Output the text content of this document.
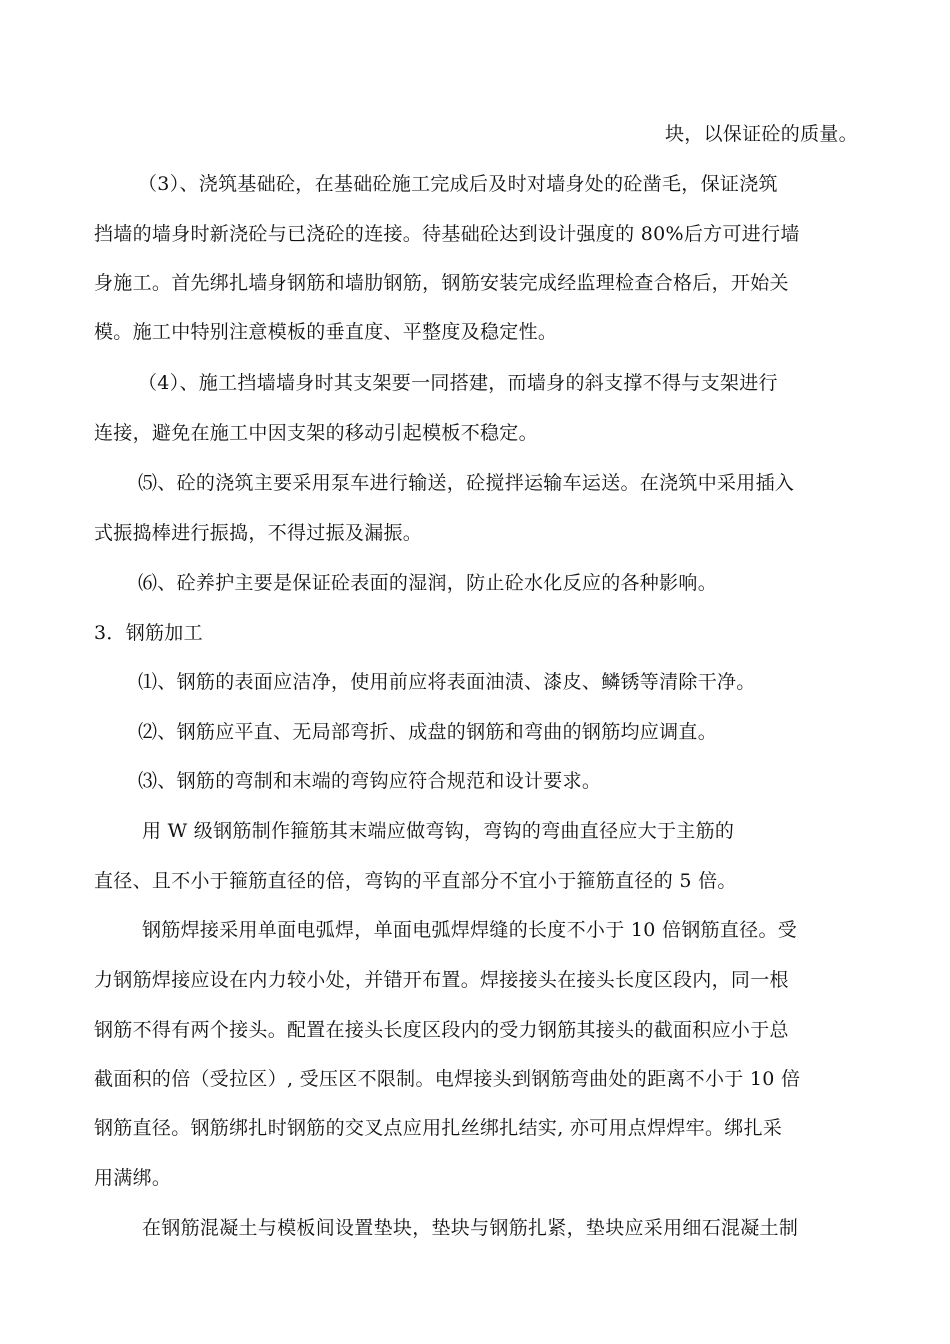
块，以保证砼的质量。
（3）、浇筑基础砼，在基础砼施工完成后及时对墙身处的砼凿毛，保证浇筑
挡墙的墙身时新浇砼与已浇砼的连接。待基础砼达到设计强度的 80%后方可进行墙
身施工。首先绑扎墙身钢筋和墙肋钢筋，钢筋安装完成经监理检查合格后，开始关
模。施工中特别注意模板的垂直度、平整度及稳定性。
（4）、施工挡墙墙身时其支架要一同搭建，而墙身的斜支撑不得与支架进行
连接，避免在施工中因支架的移动引起模板不稳定。
⑸、砼的浇筑主要采用泵车进行输送，砼搅拌运输车运送。在浇筑中采用插入
式振捣棒进行振捣，不得过振及漏振。
⑹、砼养护主要是保证砼表面的湿润，防止砼水化反应的各种影响。
3．钢筋加工
⑴、钢筋的表面应洁净，使用前应将表面油渍、漆皮、鳞锈等清除干净。
⑵、钢筋应平直、无局部弯折、成盘的钢筋和弯曲的钢筋均应调直。
⑶、钢筋的弯制和末端的弯钩应符合规范和设计要求。
用 W 级钢筋制作箍筋其末端应做弯钩，弯钩的弯曲直径应大于主筋的
直径、且不小于箍筋直径的倍，弯钩的平直部分不宜小于箍筋直径的 5 倍。
钢筋焊接采用单面电弧焊，单面电弧焊焊缝的长度不小于 10 倍钢筋直径。受
力钢筋焊接应设在内力较小处，并错开布置。焊接接头在接头长度区段内，同一根
钢筋不得有两个接头。配置在接头长度区段内的受力钢筋其接头的截面积应小于总
截面积的倍（受拉区）, 受压区不限制。电焊接头到钢筋弯曲处的距离不小于 10 倍
钢筋直径。钢筋绑扎时钢筋的交叉点应用扎丝绑扎结实, 亦可用点焊焊牢。绑扎采
用满绑。
在钢筋混凝土与模板间设置垫块，垫块与钢筋扎紧，垫块应采用细石混凝土制
